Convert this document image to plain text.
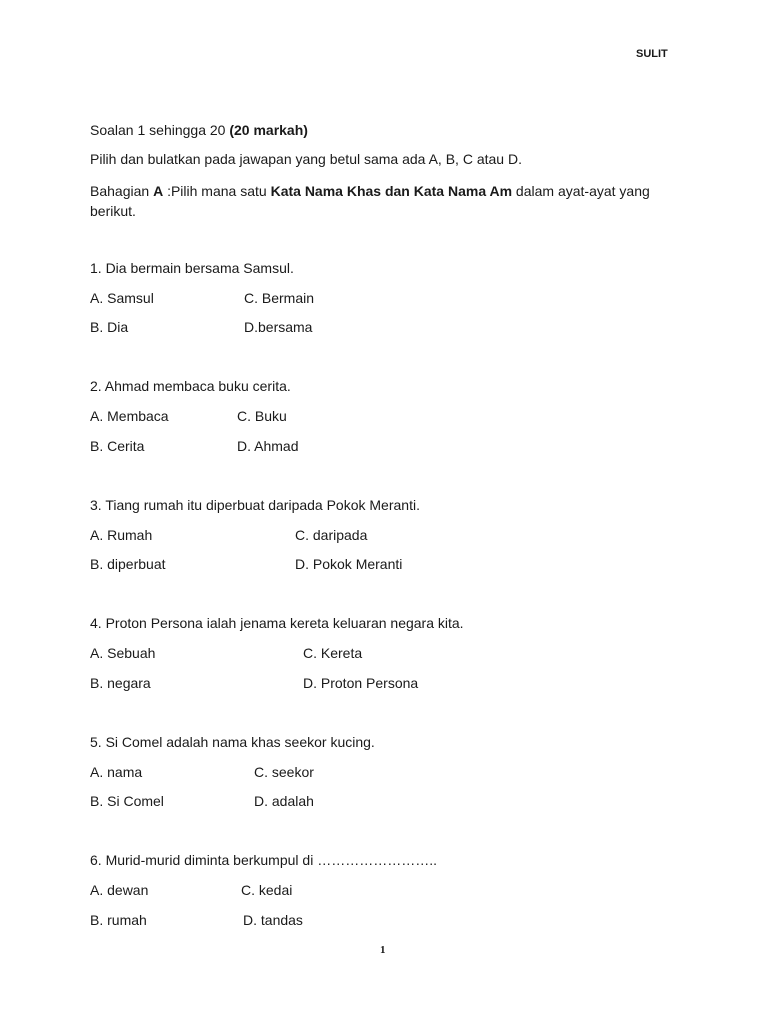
SULIT
Soalan 1 sehingga 20 (20 markah)
Pilih dan bulatkan pada jawapan yang betul sama ada A, B, C atau D.
Bahagian A :Pilih mana satu Kata Nama Khas dan Kata Nama Am dalam ayat-ayat yang berikut.
1. Dia bermain bersama Samsul.
A. Samsul	C. Bermain
B. Dia	D.bersama
2. Ahmad membaca buku cerita.
A. Membaca	C. Buku
B. Cerita	D. Ahmad
3. Tiang rumah itu diperbuat daripada Pokok Meranti.
A. Rumah	C. daripada
B. diperbuat	D. Pokok Meranti
4. Proton Persona ialah jenama kereta keluaran negara kita.
A. Sebuah	C. Kereta
B. negara	D. Proton Persona
5. Si Comel adalah nama khas seekor kucing.
A. nama	C. seekor
B. Si Comel	D. adalah
6. Murid-murid diminta berkumpul di ……………………..
A. dewan	C. kedai
B. rumah	D. tandas
1
